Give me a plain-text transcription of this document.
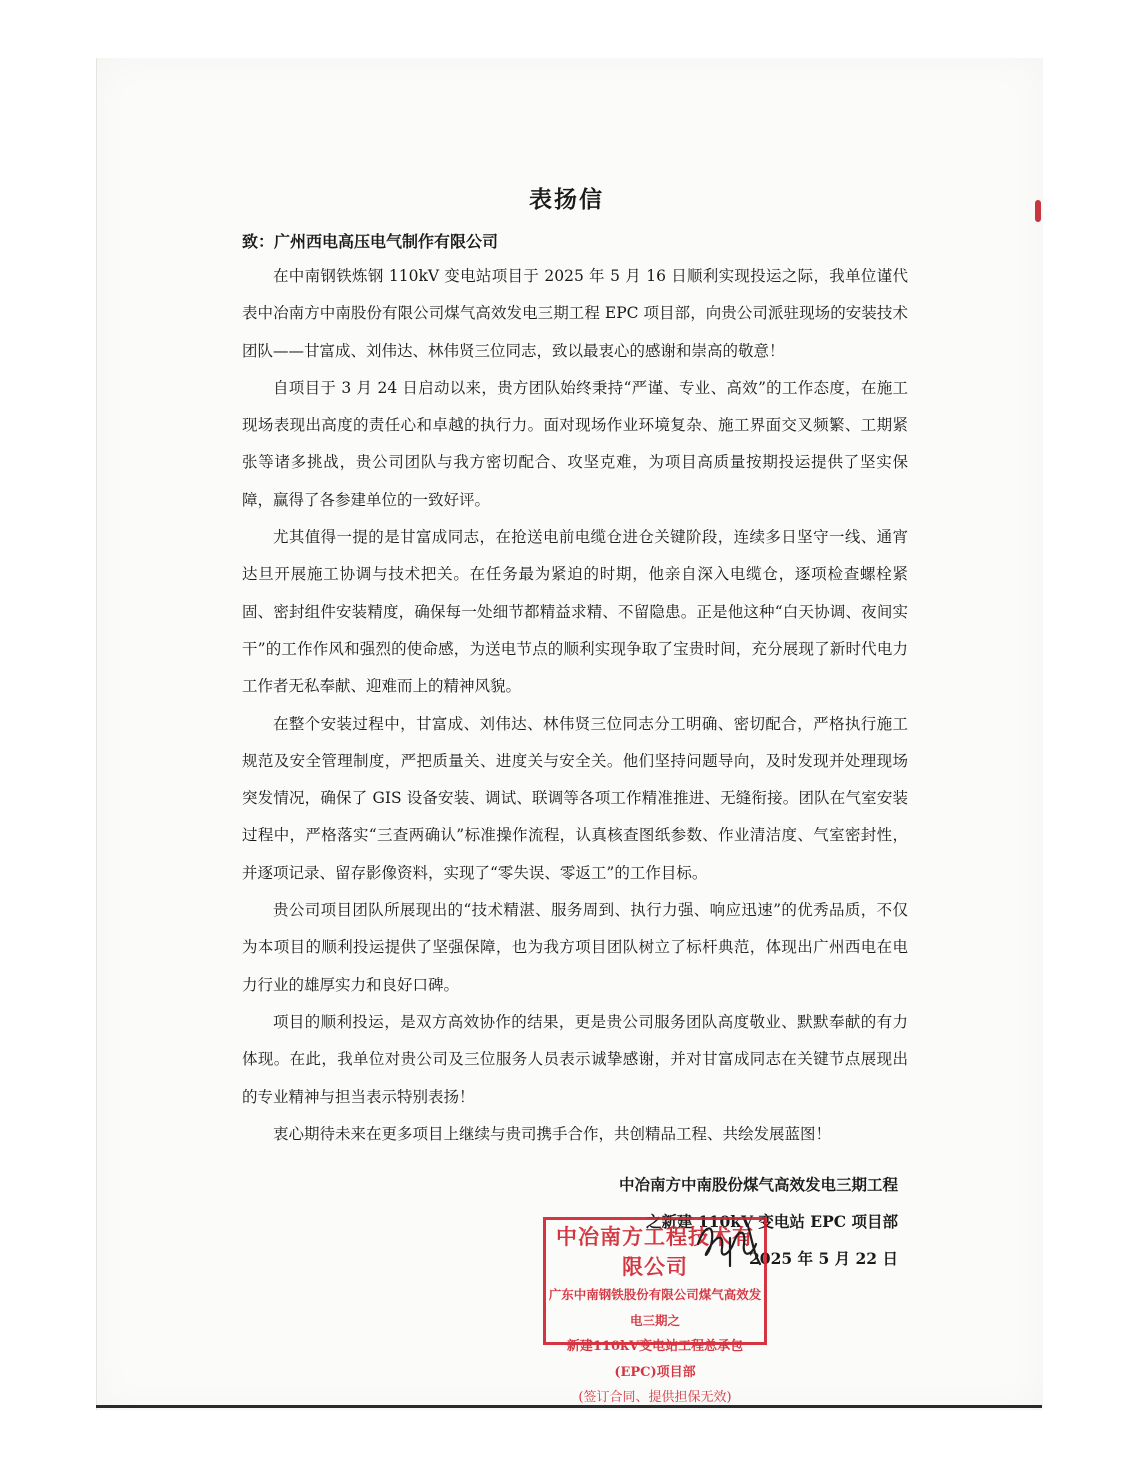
表扬信
致：广州西电高压电气制作有限公司

在中南钢铁炼钢 110kV 变电站项目于 2025 年 5 月 16 日顺利实现投运之际，我单位谨代表中冶南方中南股份有限公司煤气高效发电三期工程 EPC 项目部，向贵公司派驻现场的安装技术团队——甘富成、刘伟达、林伟贤三位同志，致以最衷心的感谢和崇高的敬意！

自项目于 3 月 24 日启动以来，贵方团队始终秉持“严谨、专业、高效”的工作态度，在施工现场表现出高度的责任心和卓越的执行力。面对现场作业环境复杂、施工界面交叉频繁、工期紧张等诸多挑战，贵公司团队与我方密切配合、攻坚克难，为项目高质量按期投运提供了坚实保障，赢得了各参建单位的一致好评。

尤其值得一提的是甘富成同志，在抢送电前电缆仓进仓关键阶段，连续多日坚守一线、通宵达旦开展施工协调与技术把关。在任务最为紧迫的时期，他亲自深入电缆仓，逐项检查螺栓紧固、密封组件安装精度，确保每一处细节都精益求精、不留隐患。正是他这种“白天协调、夜间实干”的工作作风和强烈的使命感，为送电节点的顺利实现争取了宝贵时间，充分展现了新时代电力工作者无私奉献、迎难而上的精神风貌。

在整个安装过程中，甘富成、刘伟达、林伟贤三位同志分工明确、密切配合，严格执行施工规范及安全管理制度，严把质量关、进度关与安全关。他们坚持问题导向，及时发现并处理现场突发情况，确保了 GIS 设备安装、调试、联调等各项工作精准推进、无缝衔接。团队在气室安装过程中，严格落实“三查两确认”标准操作流程，认真核查图纸参数、作业清洁度、气室密封性，并逐项记录、留存影像资料，实现了“零失误、零返工”的工作目标。

贵公司项目团队所展现出的“技术精湛、服务周到、执行力强、响应迅速”的优秀品质，不仅为本项目的顺利投运提供了坚强保障，也为我方项目团队树立了标杆典范，体现出广州西电在电力行业的雄厚实力和良好口碑。

项目的顺利投运，是双方高效协作的结果，更是贵公司服务团队高度敬业、默默奉献的有力体现。在此，我单位对贵公司及三位服务人员表示诚挚感谢，并对甘富成同志在关键节点展现出的专业精神与担当表示特别表扬！

衷心期待未来在更多项目上继续与贵司携手合作，共创精品工程、共绘发展蓝图！

中冶南方中南股份煤气高效发电三期工程
之新建 110kV 变电站 EPC 项目部
2025 年 5 月 22 日
中冶南方工程技术有限公司
广东中南钢铁股份有限公司煤气高效发电三期之
新建110kV变电站工程总承包(EPC)项目部
(签订合同、提供担保无效)
